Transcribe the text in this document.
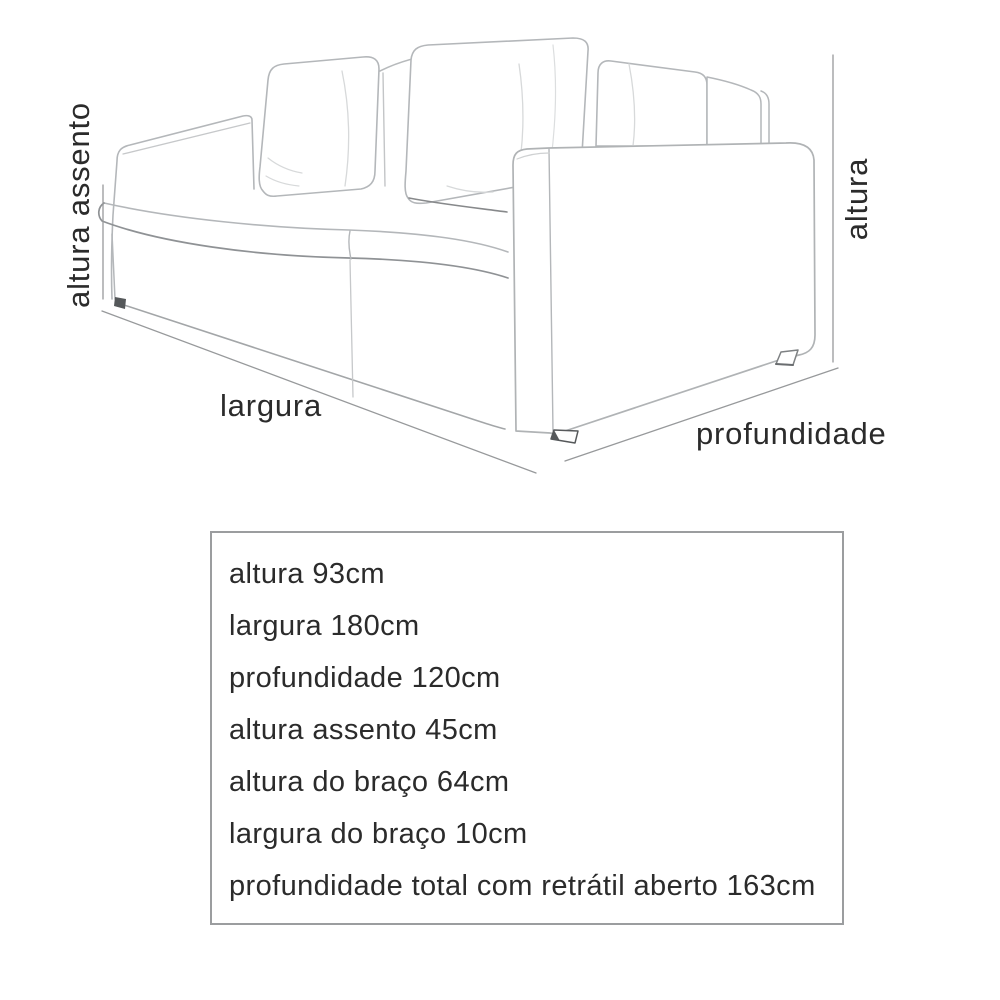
altura assento	altura
largura
profundidade
altura 93cm
largura 180cm
profundidade 120cm
altura assento 45cm
altura do braço 64cm
largura do braço 10cm
profundidade total com retrátil aberto 163cm
